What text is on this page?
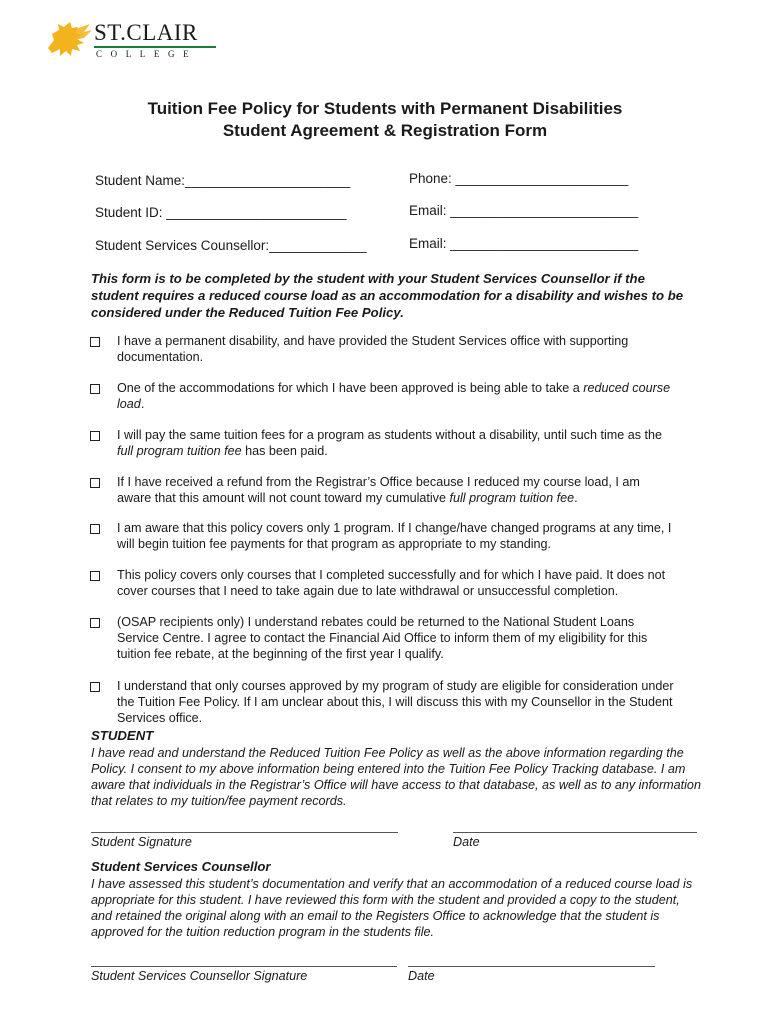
ST.CLAIR
COLLEGE
Tuition Fee Policy for Students with Permanent Disabilities
Student Agreement & Registration Form
Student Name:______________________	Phone: _______________________
Student ID: ________________________	Email: _________________________
Student Services Counsellor:_____________	Email: _________________________
This form is to be completed by the student with your Student Services Counsellor if the student requires a reduced course load as an accommodation for a disability and wishes to be considered under the Reduced Tuition Fee Policy.
I have a permanent disability, and have provided the Student Services office with supporting documentation.
One of the accommodations for which I have been approved is being able to take a reduced course load.
I will pay the same tuition fees for a program as students without a disability, until such time as the full program tuition fee has been paid.
If I have received a refund from the Registrar’s Office because I reduced my course load, I am aware that this amount will not count toward my cumulative full program tuition fee.
I am aware that this policy covers only 1 program. If I change/have changed programs at any time, I will begin tuition fee payments for that program as appropriate to my standing.
This policy covers only courses that I completed successfully and for which I have paid. It does not cover courses that I need to take again due to late withdrawal or unsuccessful completion.
(OSAP recipients only) I understand rebates could be returned to the National Student Loans Service Centre. I agree to contact the Financial Aid Office to inform them of my eligibility for this tuition fee rebate, at the beginning of the first year I qualify.
I understand that only courses approved by my program of study are eligible for consideration under the Tuition Fee Policy. If I am unclear about this, I will discuss this with my Counsellor in the Student Services office.
STUDENT
I have read and understand the Reduced Tuition Fee Policy as well as the above information regarding the Policy. I consent to my above information being entered into the Tuition Fee Policy Tracking database. I am aware that individuals in the Registrar’s Office will have access to that database, as well as to any information that relates to my tuition/fee payment records.
Student Signature	Date
Student Services Counsellor
I have assessed this student’s documentation and verify that an accommodation of a reduced course load is appropriate for this student. I have reviewed this form with the student and provided a copy to the student, and retained the original along with an email to the Registers Office to acknowledge that the student is approved for the tuition reduction program in the students file.
Student Services Counsellor Signature	Date
